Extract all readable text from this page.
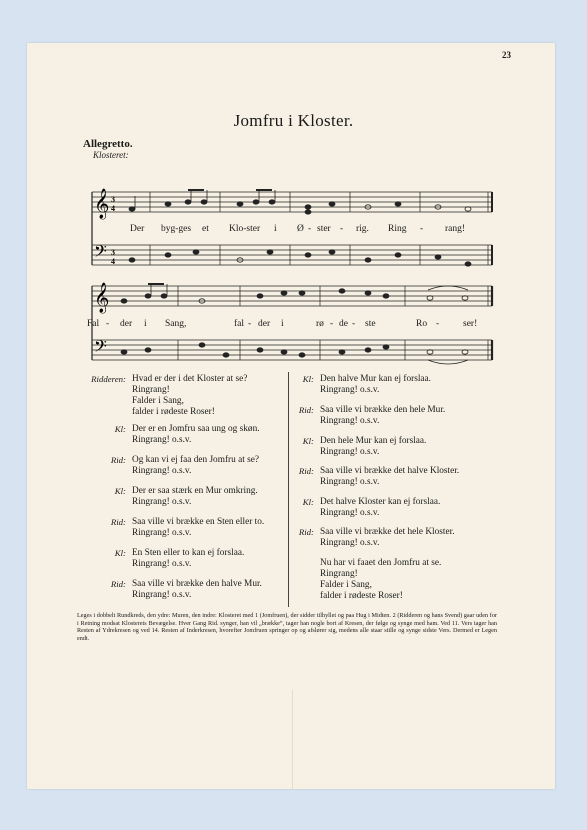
23
Jomfru i Kloster.
Allegretto.
Klosteret:
𝄞
𝄢
3
4
3
4
Der byg-ges et Klo-ster i Ø - ster - rig. Ring - rang!
𝄞
𝄢
Fal - der i Sang,	fal - der i	rø - de - ste	Ro -	ser!
Ridderen: Hvad er der i det Kloster at se?
Ringrang!
Falder i Sang,
falder i rødeste Roser!
Kl: Der er en Jomfru saa ung og skøn.
Ringrang! o.s.v.
Rid: Og kan vi ej faa den Jomfru at se?
Ringrang! o.s.v.
Kl: Der er saa stærk en Mur omkring.
Ringrang! o.s.v.
Rid: Saa ville vi brække en Sten eller to.
Ringrang! o.s.v.
Kl: En Sten eller to kan ej forslaa.
Ringrang! o.s.v.
Rid: Saa ville vi brække den halve Mur.
Ringrang! o.s.v.
Kl: Den halve Mur kan ej forslaa.
Ringrang! o.s.v.
Rid: Saa ville vi brække den hele Mur.
Ringrang! o.s.v.
Kl: Den hele Mur kan ej forslaa.
Ringrang! o.s.v.
Rid: Saa ville vi brække det halve Kloster.
Ringrang! o.s.v.
Kl: Det halve Kloster kan ej forslaa.
Ringrang! o.s.v.
Rid: Saa ville vi brække det hele Kloster.
Ringrang! o.s.v.
Nu har vi faaet den Jomfru at se.
Ringrang!
Falder i Sang,
falder i rødeste Roser!
Leges i dobbelt Rundkreds, den ydre: Muren, den indre: Klosteret med 1 (Jomfruen), der sidder tilhyllet og paa Hug i Midten. 2 (Ridderen og hans Svend) gaar uden for i Retning modsat Klosterets Bevægelse. Hver Gang Rid. synger, han vil „brække“, tager han nogle bort af Kresen, der følge og synge med ham. Ved 11. Vers tager han Resten af Ydrekresen og ved 14. Resten af Inderkresen, hvorefter Jomfruen springer op og afslører sig, medens alle staar stille og synge sidste Vers. Dermed er Legen endt.
